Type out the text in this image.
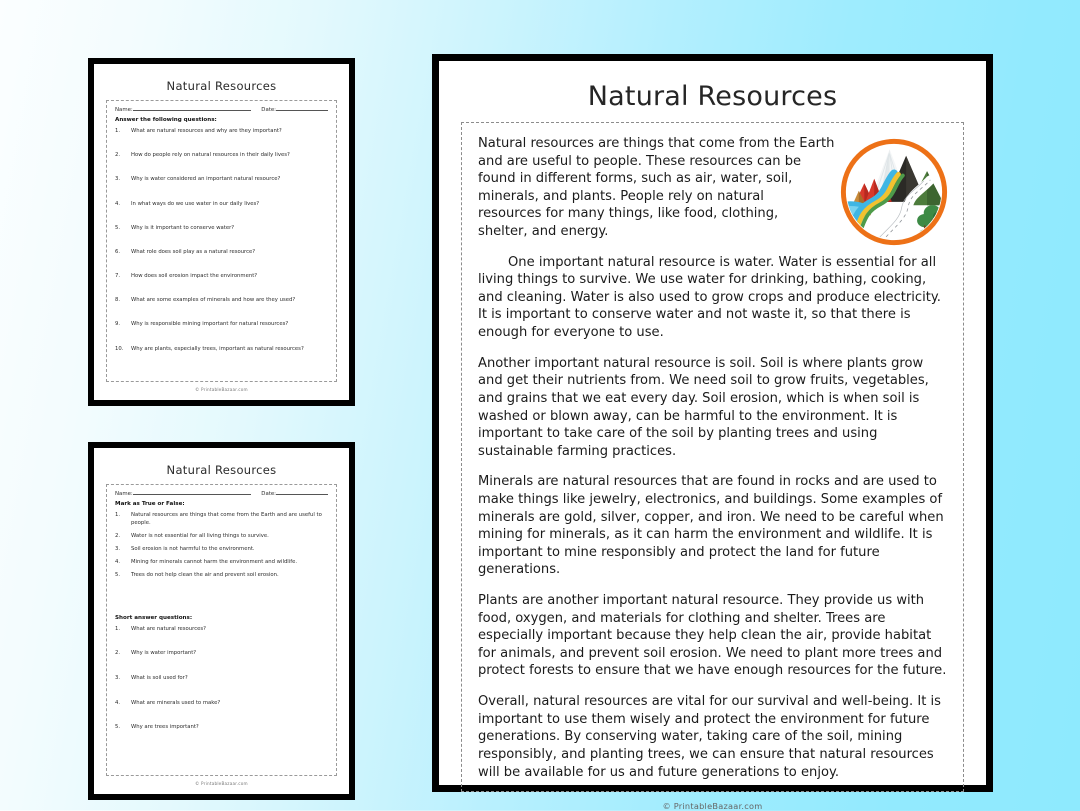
Natural Resources
Name:	Date:
Answer the following questions:
1.	What are natural resources and why are they important?
2.	How do people rely on natural resources in their daily lives?
3.	Why is water considered an important natural resource?
4.	In what ways do we use water in our daily lives?
5.	Why is it important to conserve water?
6.	What role does soil play as a natural resource?
7.	How does soil erosion impact the environment?
8.	What are some examples of minerals and how are they used?
9.	Why is responsible mining important for natural resources?
10.	Why are plants, especially trees, important as natural resources?
© PrintableBazaar.com
Natural Resources
Name:	Date:
Mark as True or False:
1.	Natural resources are things that come from the Earth and are useful to people.
2.	Water is not essential for all living things to survive.
3.	Soil erosion is not harmful to the environment.
4.	Mining for minerals cannot harm the environment and wildlife.
5.	Trees do not help clean the air and prevent soil erosion.
Short answer questions:
1.	What are natural resources?
2.	Why is water important?
3.	What is soil used for?
4.	What are minerals used to make?
5.	Why are trees important?
© PrintableBazaar.com
Natural Resources

Natural resources are things that come from the Earth and are useful to people. These resources can be found in different forms, such as air, water, soil, minerals, and plants. People rely on natural resources for many things, like food, clothing, shelter, and energy.

One important natural resource is water. Water is essential for all living things to survive. We use water for drinking, bathing, cooking, and cleaning. Water is also used to grow crops and produce electricity. It is important to conserve water and not waste it, so that there is enough for everyone to use.

Another important natural resource is soil. Soil is where plants grow and get their nutrients from. We need soil to grow fruits, vegetables, and grains that we eat every day. Soil erosion, which is when soil is washed or blown away, can be harmful to the environment. It is important to take care of the soil by planting trees and using sustainable farming practices.

Minerals are natural resources that are found in rocks and are used to make things like jewelry, electronics, and buildings. Some examples of minerals are gold, silver, copper, and iron. We need to be careful when mining for minerals, as it can harm the environment and wildlife. It is important to mine responsibly and protect the land for future generations.

Plants are another important natural resource. They provide us with food, oxygen, and materials for clothing and shelter. Trees are especially important because they help clean the air, provide habitat for animals, and prevent soil erosion. We need to plant more trees and protect forests to ensure that we have enough resources for the future.

Overall, natural resources are vital for our survival and well-being. It is important to use them wisely and protect the environment for future generations. By conserving water, taking care of the soil, mining responsibly, and planting trees, we can ensure that natural resources will be available for us and future generations to enjoy.

© PrintableBazaar.com
